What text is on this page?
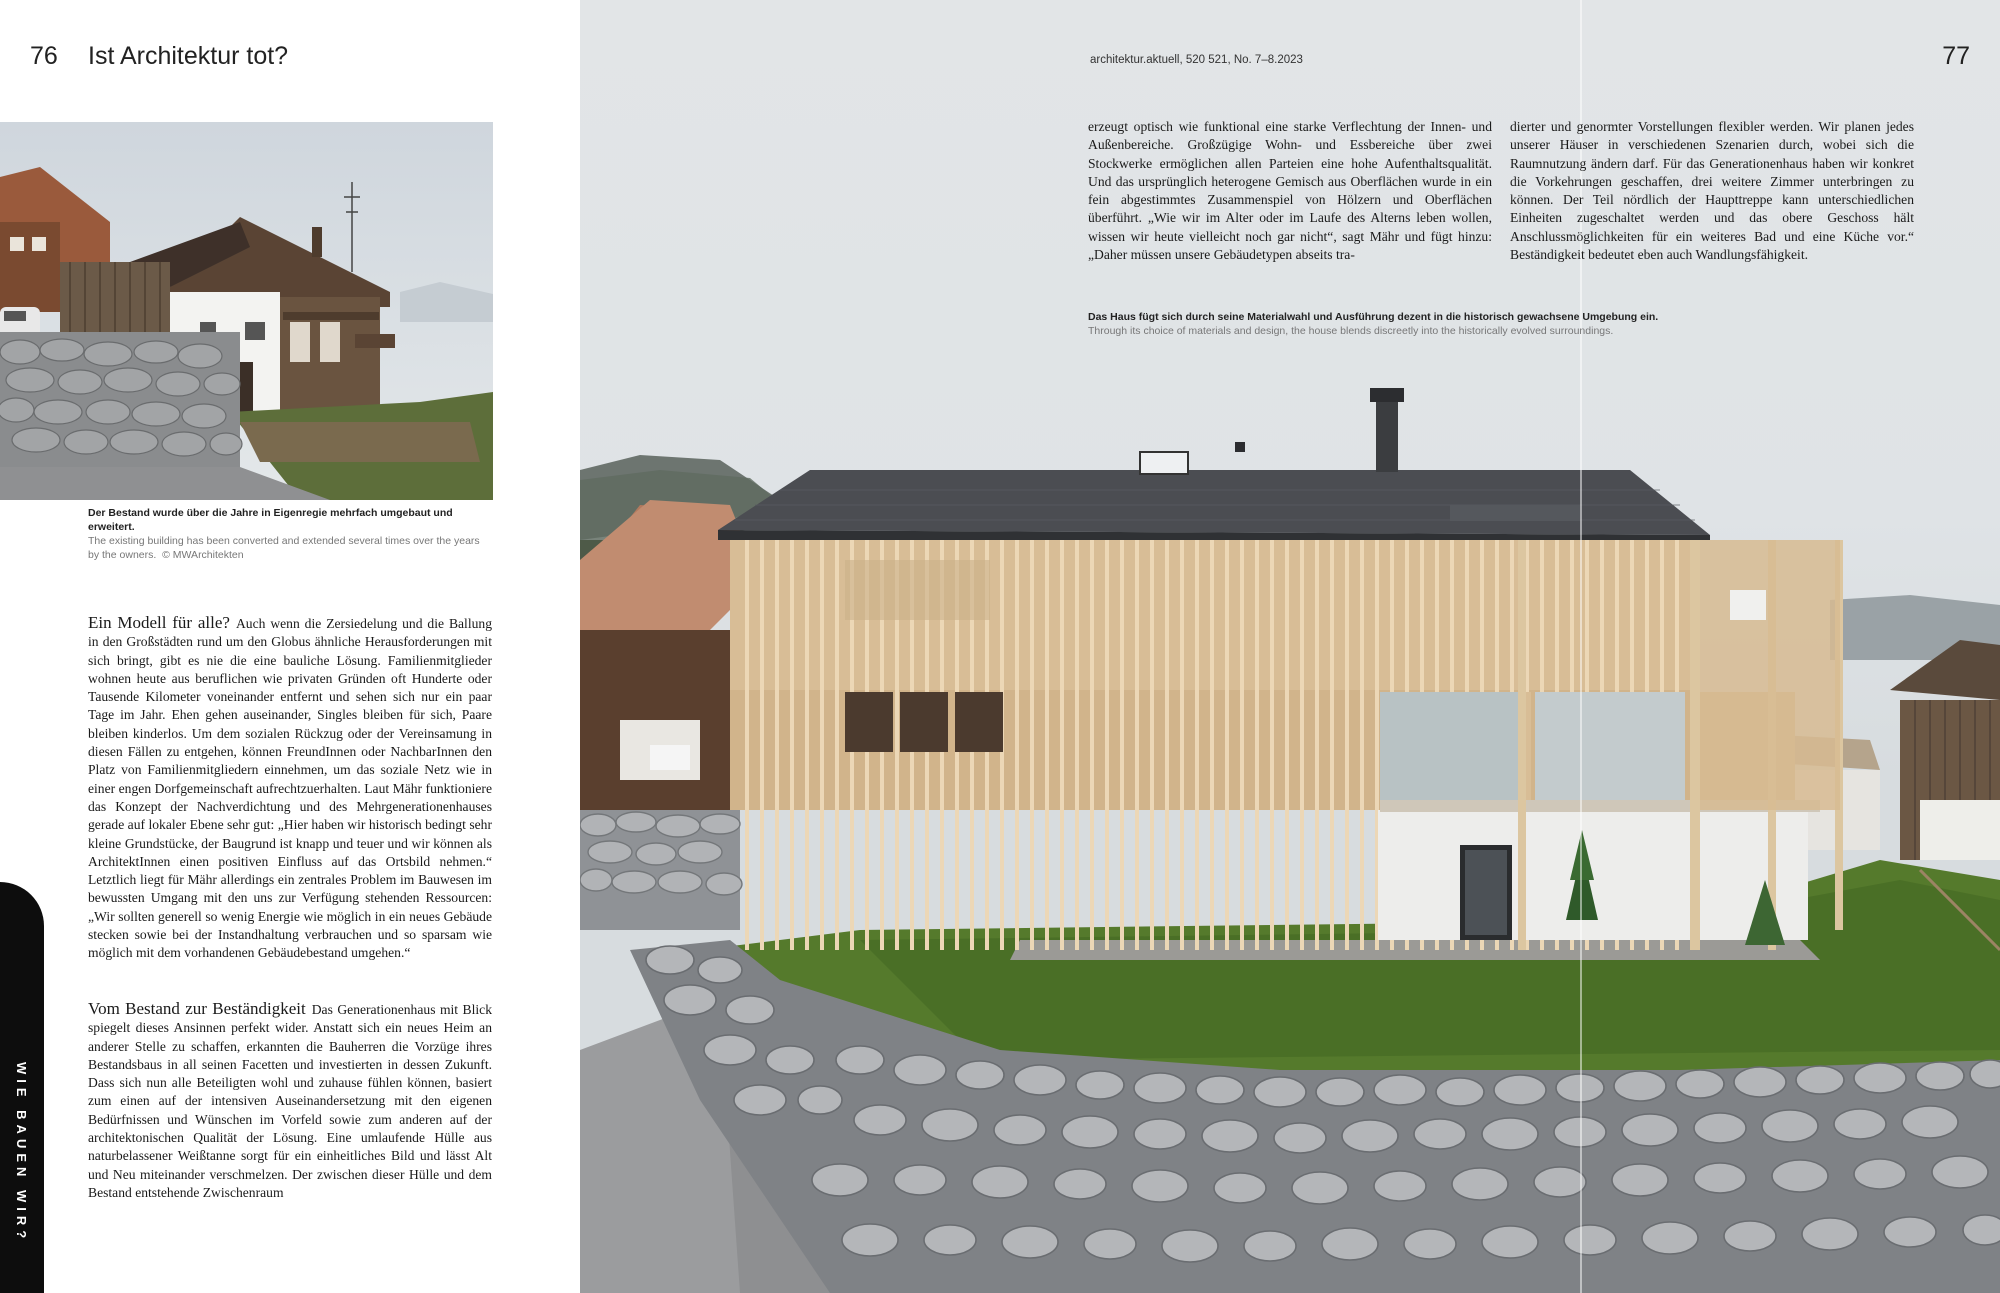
76 Ist Architektur tot?
Der Bestand wurde über die Jahre in Eigenregie mehrfach umgebaut und erweitert.
The existing building has been converted and extended several times over the years by the owners. © MWArchitekten

Ein Modell für alle? Auch wenn die Zersiedelung und die Ballung in den Großstädten rund um den Globus ähnliche Herausforderungen mit sich bringt, gibt es nie die eine bauliche Lösung. Familienmitglieder wohnen heute aus beruflichen wie privaten Gründen oft Hunderte oder Tausende Kilometer voneinander entfernt und sehen sich nur ein paar Tage im Jahr. Ehen gehen auseinander, Singles bleiben für sich, Paare bleiben kinderlos. Um dem sozialen Rückzug oder der Vereinsamung in diesen Fällen zu entgehen, können FreundInnen oder NachbarInnen den Platz von Familienmitgliedern einnehmen, um das soziale Netz wie in einer engen Dorfgemeinschaft aufrechtzuerhalten. Laut Mähr funktioniere das Konzept der Nachverdichtung und des Mehrgenerationenhauses gerade auf lokaler Ebene sehr gut: „Hier haben wir historisch bedingt sehr kleine Grundstücke, der Baugrund ist knapp und teuer und wir können als ArchitektInnen einen positiven Einfluss auf das Ortsbild nehmen.“ Letztlich liegt für Mähr allerdings ein zentrales Problem im Bauwesen im bewussten Umgang mit den uns zur Verfügung stehenden Ressourcen: „Wir sollten generell so wenig Energie wie möglich in ein neues Gebäude stecken sowie bei der Instandhaltung verbrauchen und so sparsam wie möglich mit dem vorhandenen Gebäudebestand umgehen.“

Vom Bestand zur Beständigkeit Das Generationenhaus mit Blick spiegelt dieses Ansinnen perfekt wider. Anstatt sich ein neues Heim an anderer Stelle zu schaffen, erkannten die Bauherren die Vorzüge ihres Bestandsbaus in all seinen Facetten und investierten in dessen Zukunft. Dass sich nun alle Beteiligten wohl und zuhause fühlen können, basiert zum einen auf der intensiven Auseinandersetzung mit den eigenen Bedürfnissen und Wünschen im Vorfeld sowie zum anderen auf der architektonischen Qualität der Lösung. Eine umlaufende Hülle aus naturbelassener Weißtanne sorgt für ein einheitliches Bild und lässt Alt und Neu miteinander verschmelzen. Der zwischen dieser Hülle und dem Bestand entstehende Zwischenraum

WIE BAUEN WIR?
architektur.aktuell, 520 521, No. 7–8.2023	77
erzeugt optisch wie funktional eine starke Verflechtung der Innen- und Außenbereiche. Großzügige Wohn- und Essbereiche über zwei Stockwerke ermöglichen allen Parteien eine hohe Aufenthaltsqualität. Und das ursprünglich heterogene Gemisch aus Oberflächen wurde in ein fein abgestimmtes Zusammenspiel von Hölzern und Oberflächen überführt. „Wie wir im Alter oder im Laufe des Alterns leben wollen, wissen wir heute vielleicht noch gar nicht“, sagt Mähr und fügt hinzu: „Daher müssen unsere Gebäudetypen abseits tra-
dierter und genormter Vorstellungen flexibler werden. Wir planen jedes unserer Häuser in verschiedenen Szenarien durch, wobei sich die Raumnutzung ändern darf. Für das Generationenhaus haben wir konkret die Vorkehrungen geschaffen, drei weitere Zimmer unterbringen zu können. Der Teil nördlich der Haupttreppe kann unterschiedlichen Einheiten zugeschaltet werden und das obere Geschoss hält Anschlussmöglichkeiten für ein weiteres Bad und eine Küche vor.“ Beständigkeit bedeutet eben auch Wandlungsfähigkeit.
Das Haus fügt sich durch seine Materialwahl und Ausführung dezent in die historisch gewachsene Umgebung ein.
Through its choice of materials and design, the house blends discreetly into the historically evolved surroundings.
